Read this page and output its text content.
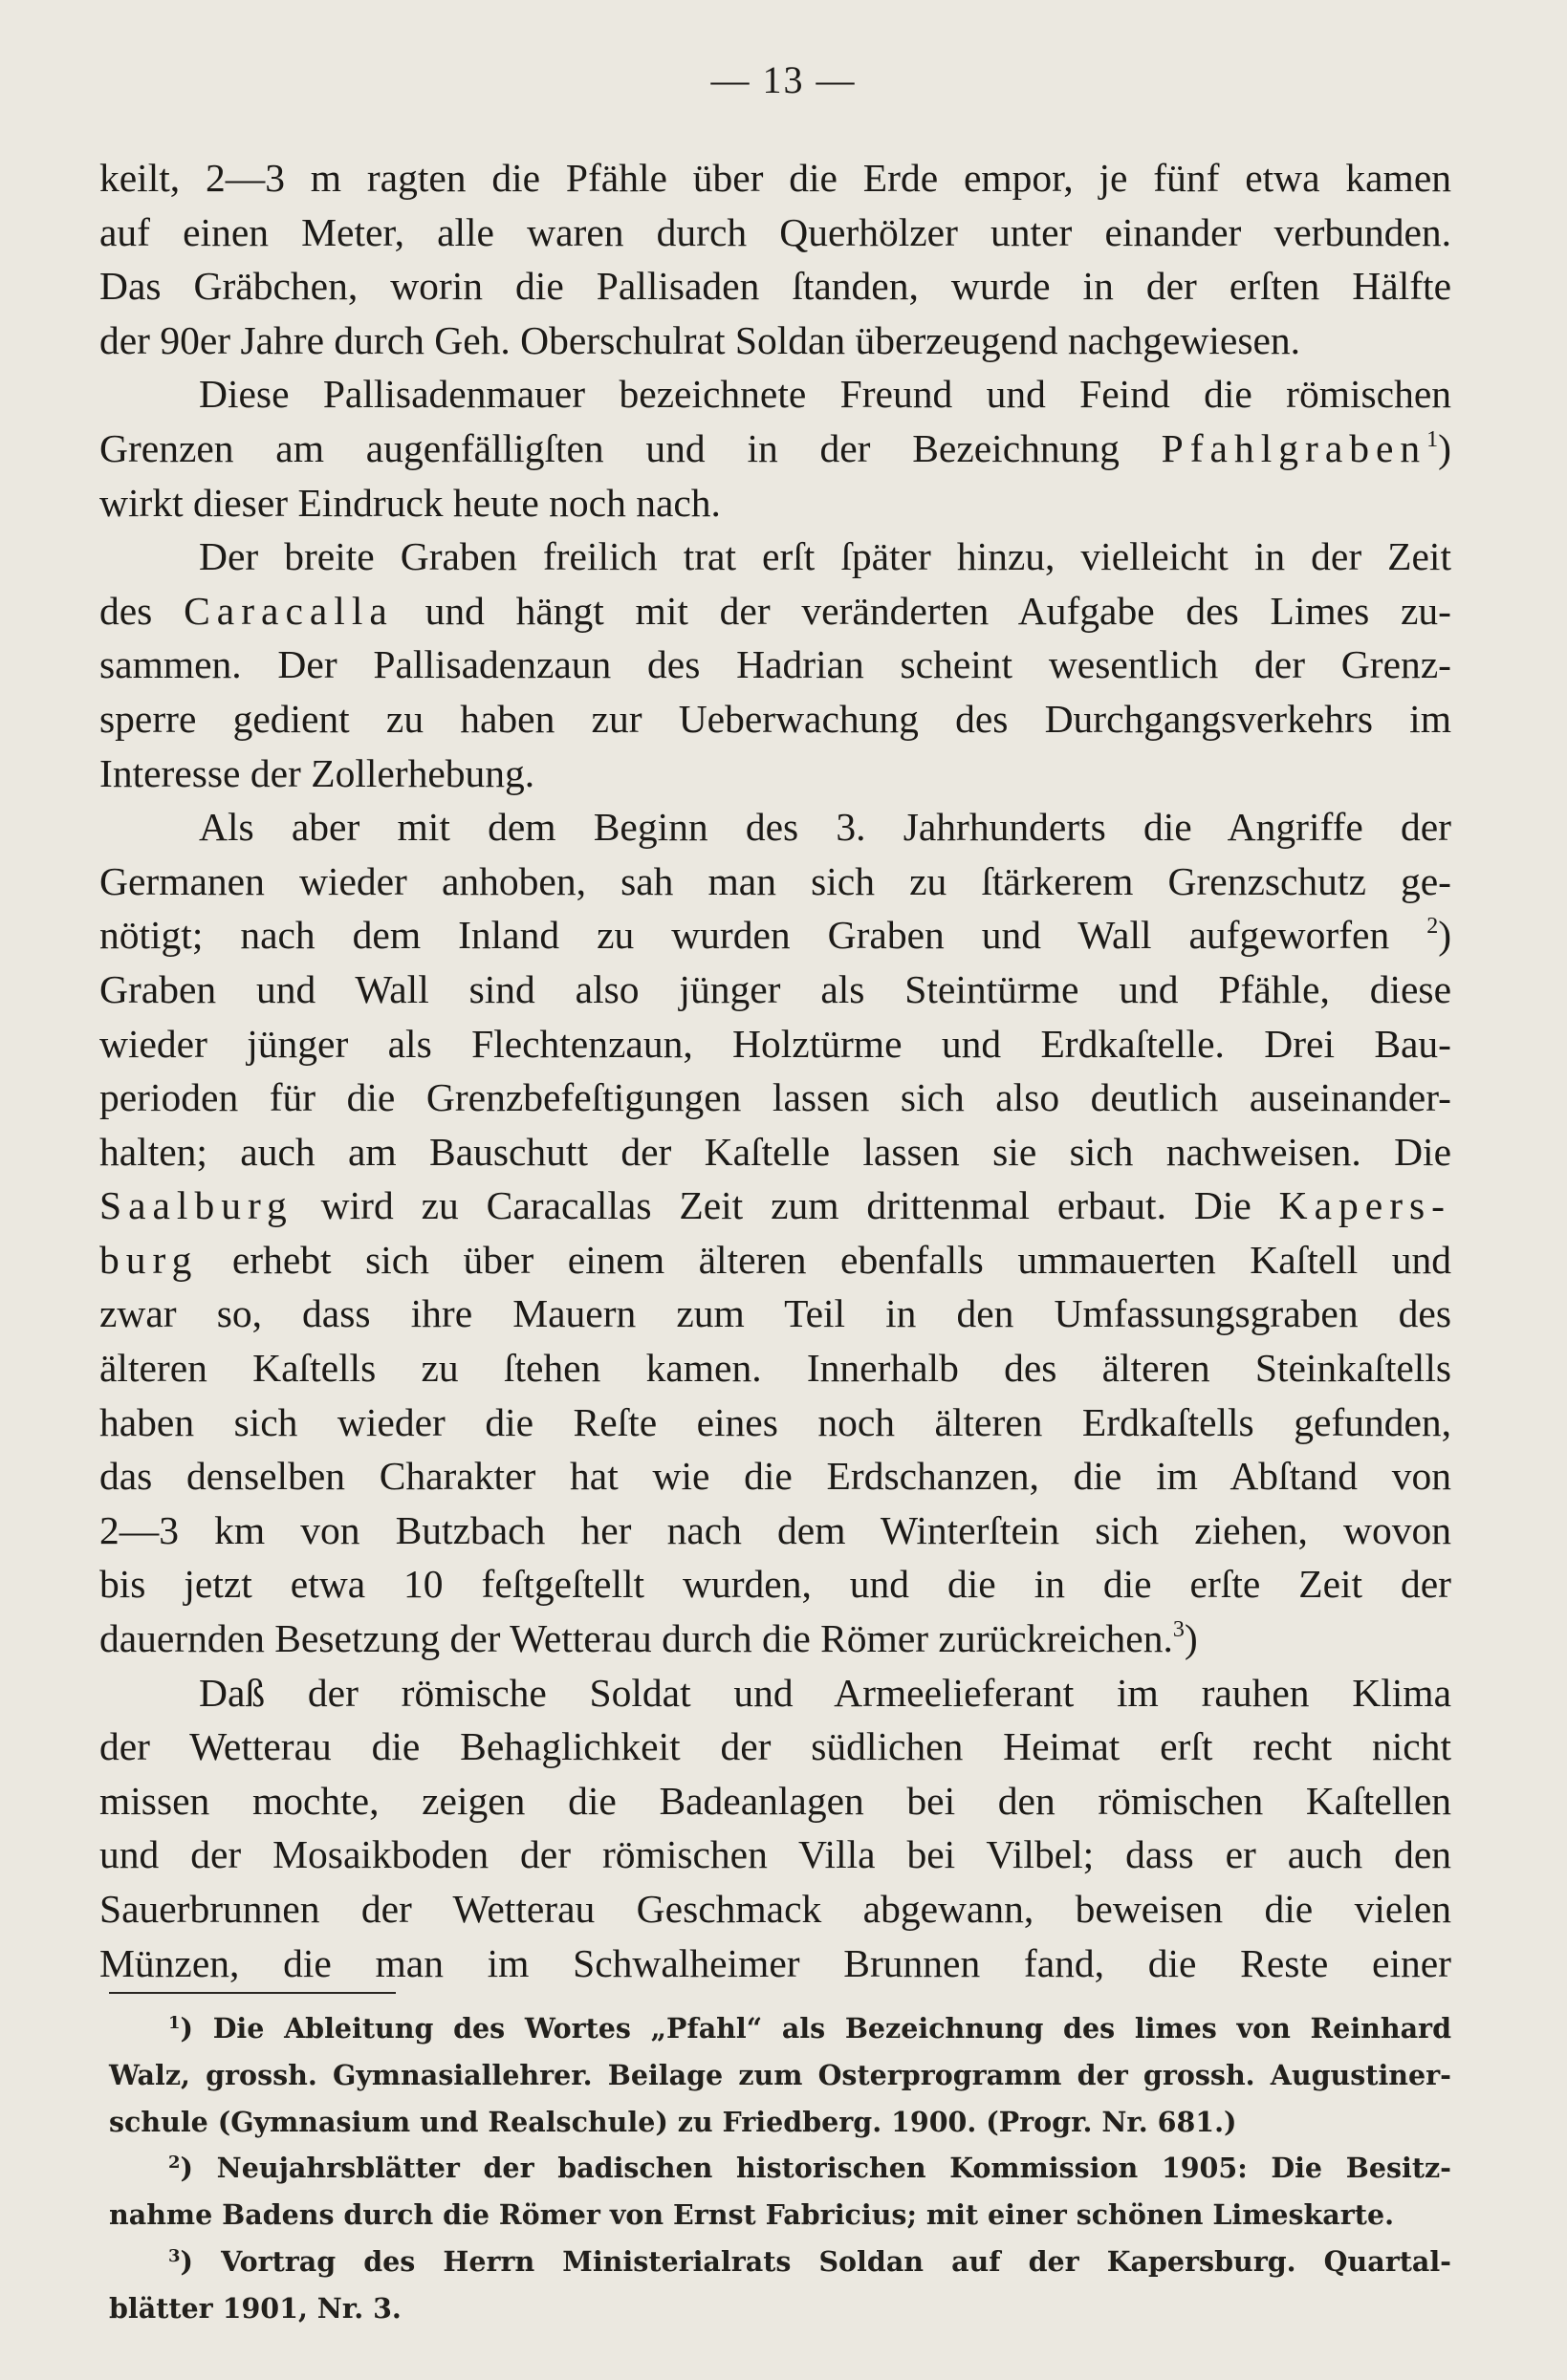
— 13 —

keilt, 2—3 m ragten die Pfähle über die Erde empor, je fünf etwa kamen
auf einen Meter, alle waren durch Querhölzer unter einander verbunden.
Das Gräbchen, worin die Pallisaden ſtanden, wurde in der erſten Hälfte
der 90er Jahre durch Geh. Oberschulrat Soldan überzeugend nachgewiesen.

Diese Pallisadenmauer bezeichnete Freund und Feind die römischen
Grenzen am augenfälligſten und in der Bezeichnung Pfahlgraben$^1$)
wirkt dieser Eindruck heute noch nach.

Der breite Graben freilich trat erſt ſpäter hinzu, vielleicht in der Zeit
des Caracalla und hängt mit der veränderten Aufgabe des Limes zu-
sammen. Der Pallisadenzaun des Hadrian scheint wesentlich der Grenz-
sperre gedient zu haben zur Ueberwachung des Durchgangsverkehrs im
Interesse der Zollerhebung.

Als aber mit dem Beginn des 3. Jahrhunderts die Angriffe der
Germanen wieder anhoben, sah man sich zu ſtärkerem Grenzschutz ge-
nötigt; nach dem Inland zu wurden Graben und Wall aufgeworfen $^2$)
Graben und Wall sind also jünger als Steintürme und Pfähle, diese
wieder jünger als Flechtenzaun, Holztürme und Erdkaſtelle. Drei Bau-
perioden für die Grenzbefeſtigungen lassen sich also deutlich auseinander-
halten; auch am Bauschutt der Kaſtelle lassen sie sich nachweisen. Die
Saalburg wird zu Caracallas Zeit zum drittenmal erbaut. Die Kapers-
burg erhebt sich über einem älteren ebenfalls ummauerten Kaſtell und
zwar so, dass ihre Mauern zum Teil in den Umfassungsgraben des
älteren Kaſtells zu ſtehen kamen. Innerhalb des älteren Steinkaſtells
haben sich wieder die Reſte eines noch älteren Erdkaſtells gefunden,
das denselben Charakter hat wie die Erdschanzen, die im Abſtand von
2—3 km von Butzbach her nach dem Winterſtein sich ziehen, wovon
bis jetzt etwa 10 feſtgeſtellt wurden, und die in die erſte Zeit der
dauernden Besetzung der Wetterau durch die Römer zurückreichen.$^3$)

Daß der römische Soldat und Armeelieferant im rauhen Klima
der Wetterau die Behaglichkeit der südlichen Heimat erſt recht nicht
missen mochte, zeigen die Badeanlagen bei den römischen Kaſtellen
und der Mosaikboden der römischen Villa bei Vilbel; dass er auch den
Sauerbrunnen der Wetterau Geschmack abgewann, beweisen die vielen
Münzen, die man im Schwalheimer Brunnen fand, die Reste einer

$^1$) Die Ableitung des Wortes „Pfahl“ als Bezeichnung des limes von Reinhard
Walz, grossh. Gymnasiallehrer. Beilage zum Osterprogramm der grossh. Augustiner-
schule (Gymnasium und Realschule) zu Friedberg. 1900. (Progr. Nr. 681.)
$^2$) Neujahrsblätter der badischen historischen Kommission 1905: Die Besitz-
nahme Badens durch die Römer von Ernst Fabricius; mit einer schönen Limeskarte.
$^3$) Vortrag des Herrn Ministerialrats Soldan auf der Kapersburg. Quartal-
blätter 1901, Nr. 3.
